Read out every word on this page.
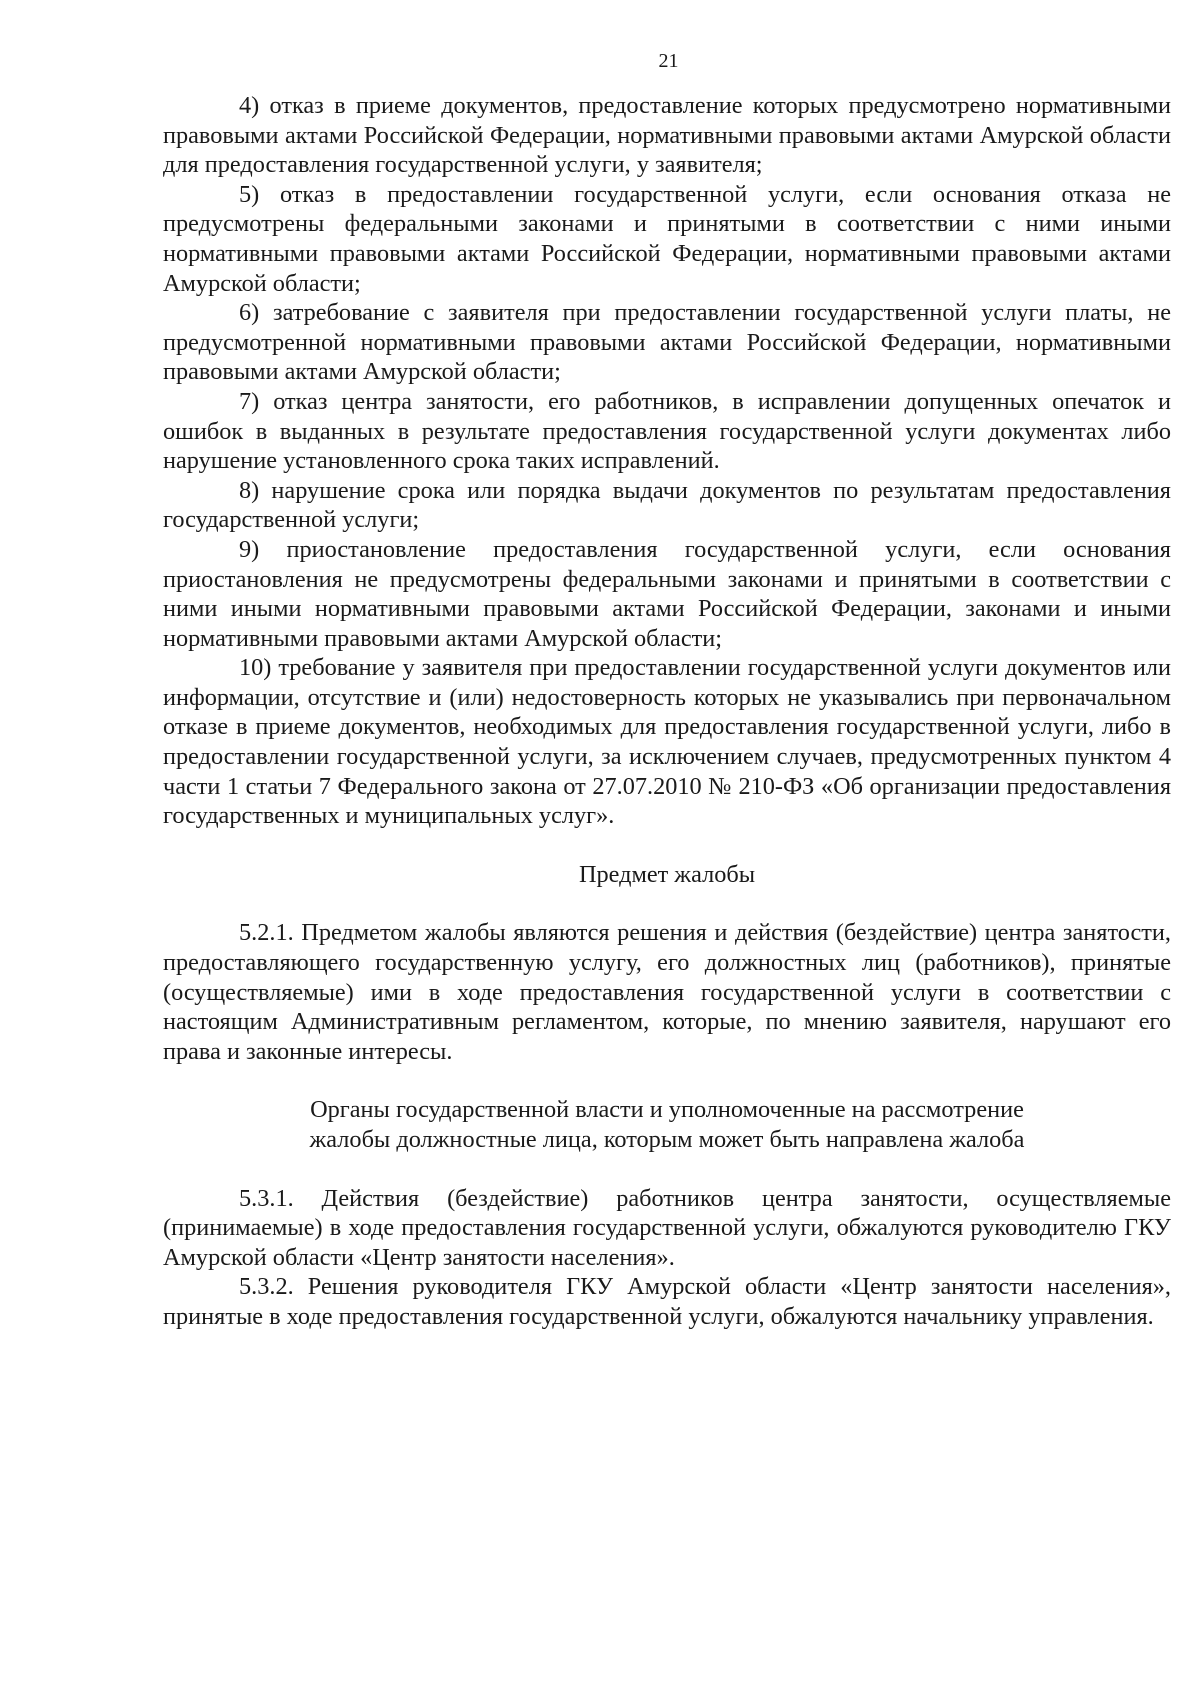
21

4) отказ в приеме документов, предоставление которых предусмотрено нормативными правовыми актами Российской Федерации, нормативными правовыми актами Амурской области для предоставления государственной услуги, у заявителя;

5) отказ в предоставлении государственной услуги, если основания отказа не предусмотрены федеральными законами и принятыми в соответствии с ними иными нормативными правовыми актами Российской Федерации, нормативными правовыми актами Амурской области;

6) затребование с заявителя при предоставлении государственной услуги платы, не предусмотренной нормативными правовыми актами Российской Федерации, нормативными правовыми актами Амурской области;

7) отказ центра занятости, его работников, в исправлении допущенных опечаток и ошибок в выданных в результате предоставления государственной услуги документах либо нарушение установленного срока таких исправлений.

8) нарушение срока или порядка выдачи документов по результатам предоставления государственной услуги;

9) приостановление предоставления государственной услуги, если основания приостановления не предусмотрены федеральными законами и принятыми в соответствии с ними иными нормативными правовыми актами Российской Федерации, законами и иными нормативными правовыми актами Амурской области;

10) требование у заявителя при предоставлении государственной услуги документов или информации, отсутствие и (или) недостоверность которых не указывались при первоначальном отказе в приеме документов, необходимых для предоставления государственной услуги, либо в предоставлении государственной услуги, за исключением случаев, предусмотренных пунктом 4 части 1 статьи 7 Федерального закона от 27.07.2010 № 210-ФЗ «Об организации предоставления государственных и муниципальных услуг».

Предмет жалобы

5.2.1. Предметом жалобы являются решения и действия (бездействие) центра занятости, предоставляющего государственную услугу, его должностных лиц (работников), принятые (осуществляемые) ими в ходе предоставления государственной услуги в соответствии с настоящим Административным регламентом, которые, по мнению заявителя, нарушают его права и законные интересы.

Органы государственной власти и уполномоченные на рассмотрение
жалобы должностные лица, которым может быть направлена жалоба

5.3.1. Действия (бездействие) работников центра занятости, осуществляемые (принимаемые) в ходе предоставления государственной услуги, обжалуются руководителю ГКУ Амурской области «Центр занятости населения».

5.3.2. Решения руководителя ГКУ Амурской области «Центр занятости населения», принятые в ходе предоставления государственной услуги, обжалуются начальнику управления.
